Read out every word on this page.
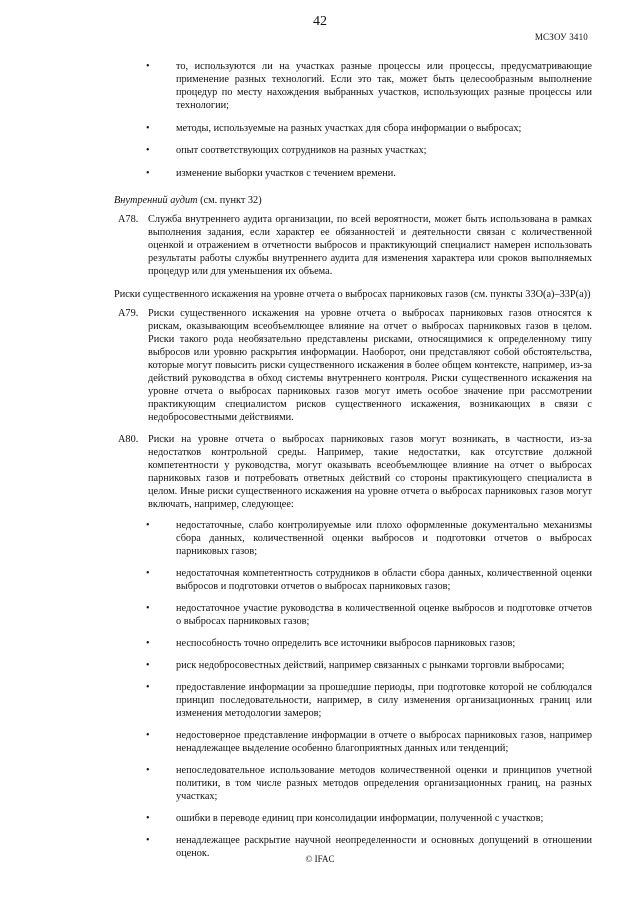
42
МСЗОУ 3410
•	то, используются ли на участках разные процессы или процессы, предусматривающие применение разных технологий. Если это так, может быть целесообразным выполнение процедур по месту нахождения выбранных участков, использующих разные процессы или технологии;
•	методы, используемые на разных участках для сбора информации о выбросах;
•	опыт соответствующих сотрудников на разных участках;
•	изменение выборки участков с течением времени.
Внутренний аудит (см. пункт 32)
A78. Служба внутреннего аудита организации, по всей вероятности, может быть использована в рамках выполнения задания, если характер ее обязанностей и деятельности связан с количественной оценкой и отражением в отчетности выбросов и практикующий специалист намерен использовать результаты работы службы внутреннего аудита для изменения характера или сроков выполняемых процедур или для уменьшения их объема.
Риски существенного искажения на уровне отчета о выбросах парниковых газов (см. пункты 33О(а)–33Р(а))
A79. Риски существенного искажения на уровне отчета о выбросах парниковых газов относятся к рискам, оказывающим всеобъемлющее влияние на отчет о выбросах парниковых газов в целом. Риски такого рода необязательно представлены рисками, относящимися к определенному типу выбросов или уровню раскрытия информации. Наоборот, они представляют собой обстоятельства, которые могут повысить риски существенного искажения в более общем контексте, например, из-за действий руководства в обход системы внутреннего контроля. Риски существенного искажения на уровне отчета о выбросах парниковых газов могут иметь особое значение при рассмотрении практикующим специалистом рисков существенного искажения, возникающих в связи с недобросовестными действиями.
A80. Риски на уровне отчета о выбросах парниковых газов могут возникать, в частности, из-за недостатков контрольной среды. Например, такие недостатки, как отсутствие должной компетентности у руководства, могут оказывать всеобъемлющее влияние на отчет о выбросах парниковых газов и потребовать ответных действий со стороны практикующего специалиста в целом. Иные риски существенного искажения на уровне отчета о выбросах парниковых газов могут включать, например, следующее:
•	недостаточные, слабо контролируемые или плохо оформленные документально механизмы сбора данных, количественной оценки выбросов и подготовки отчетов о выбросах парниковых газов;
•	недостаточная компетентность сотрудников в области сбора данных, количественной оценки выбросов и подготовки отчетов о выбросах парниковых газов;
•	недостаточное участие руководства в количественной оценке выбросов и подготовке отчетов о выбросах парниковых газов;
•	неспособность точно определить все источники выбросов парниковых газов;
•	риск недобросовестных действий, например связанных с рынками торговли выбросами;
•	предоставление информации за прошедшие периоды, при подготовке которой не соблюдался принцип последовательности, например, в силу изменения организационных границ или изменения методологии замеров;
•	недостоверное представление информации в отчете о выбросах парниковых газов, например ненадлежащее выделение особенно благоприятных данных или тенденций;
•	непоследовательное использование методов количественной оценки и принципов учетной политики, в том числе разных методов определения организационных границ, на разных участках;
•	ошибки в переводе единиц при консолидации информации, полученной с участков;
•	ненадлежащее раскрытие научной неопределенности и основных допущений в отношении оценок.
© IFAC
